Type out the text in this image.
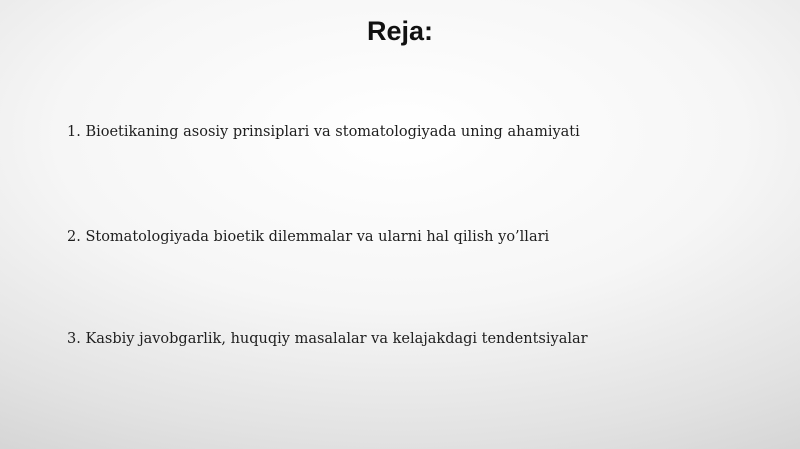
Reja:
1. Bioetikaning asosiy prinsiplari va stomatologiyada uning ahamiyati
2. Stomatologiyada bioetik dilemmalar va ularni hal qilish yo’llari
3. Kasbiy javobgarlik, huquqiy masalalar va kelajakdagi tendentsiyalar
